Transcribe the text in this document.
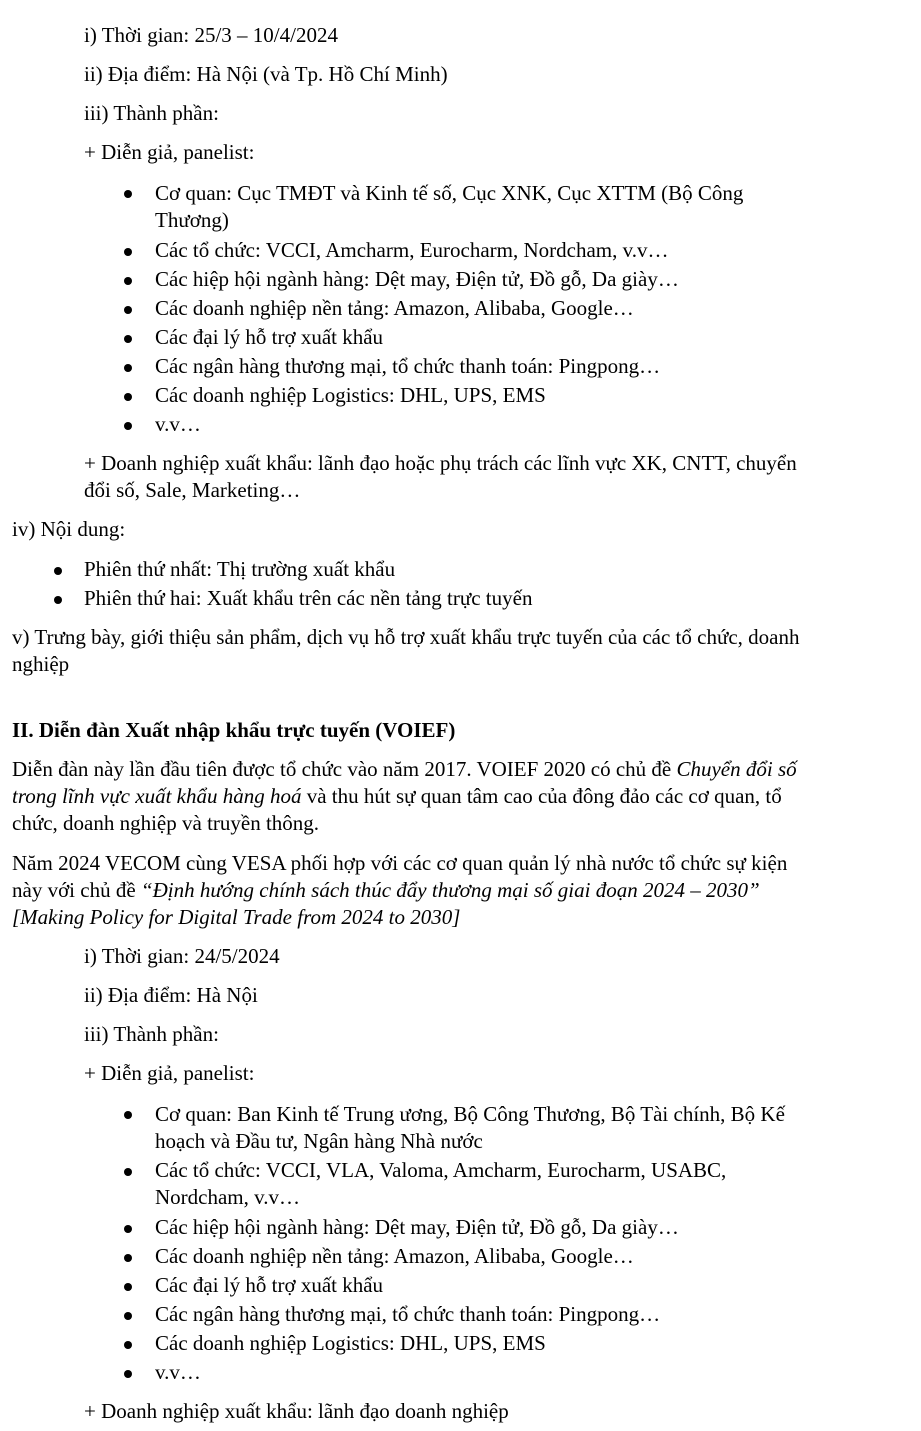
i) Thời gian: 25/3 – 10/4/2024
ii) Địa điểm: Hà Nội (và Tp. Hồ Chí Minh)
iii) Thành phần:
+ Diễn giả, panelist:
Cơ quan: Cục TMĐT và Kinh tế số, Cục XNK, Cục XTTM (Bộ Công
Thương)
Các tổ chức: VCCI, Amcharm, Eurocharm, Nordcham, v.v…
Các hiệp hội ngành hàng: Dệt may, Điện tử, Đồ gỗ, Da giày…
Các doanh nghiệp nền tảng: Amazon, Alibaba, Google…
Các đại lý hỗ trợ xuất khẩu
Các ngân hàng thương mại, tổ chức thanh toán: Pingpong…
Các doanh nghiệp Logistics: DHL, UPS, EMS
v.v…
+ Doanh nghiệp xuất khẩu: lãnh đạo hoặc phụ trách các lĩnh vực XK, CNTT, chuyển
đổi số, Sale, Marketing…
iv) Nội dung:
Phiên thứ nhất: Thị trường xuất khẩu
Phiên thứ hai: Xuất khẩu trên các nền tảng trực tuyến
v) Trưng bày, giới thiệu sản phẩm, dịch vụ hỗ trợ xuất khẩu trực tuyến của các tổ chức, doanh
nghiệp
II. Diễn đàn Xuất nhập khẩu trực tuyến (VOIEF)
Diễn đàn này lần đầu tiên được tổ chức vào năm 2017. VOIEF 2020 có chủ đề Chuyển đổi số
trong lĩnh vực xuất khẩu hàng hoá và thu hút sự quan tâm cao của đông đảo các cơ quan, tổ
chức, doanh nghiệp và truyền thông.
Năm 2024 VECOM cùng VESA phối hợp với các cơ quan quản lý nhà nước tổ chức sự kiện
này với chủ đề “Định hướng chính sách thúc đẩy thương mại số giai đoạn 2024 – 2030”
[Making Policy for Digital Trade from 2024 to 2030]
i) Thời gian: 24/5/2024
ii) Địa điểm: Hà Nội
iii) Thành phần:
+ Diễn giả, panelist:
Cơ quan: Ban Kinh tế Trung ương, Bộ Công Thương, Bộ Tài chính, Bộ Kế
hoạch và Đầu tư, Ngân hàng Nhà nước
Các tổ chức: VCCI, VLA, Valoma, Amcharm, Eurocharm, USABC,
Nordcham, v.v…
Các hiệp hội ngành hàng: Dệt may, Điện tử, Đồ gỗ, Da giày…
Các doanh nghiệp nền tảng: Amazon, Alibaba, Google…
Các đại lý hỗ trợ xuất khẩu
Các ngân hàng thương mại, tổ chức thanh toán: Pingpong…
Các doanh nghiệp Logistics: DHL, UPS, EMS
v.v…
+ Doanh nghiệp xuất khẩu: lãnh đạo doanh nghiệp
